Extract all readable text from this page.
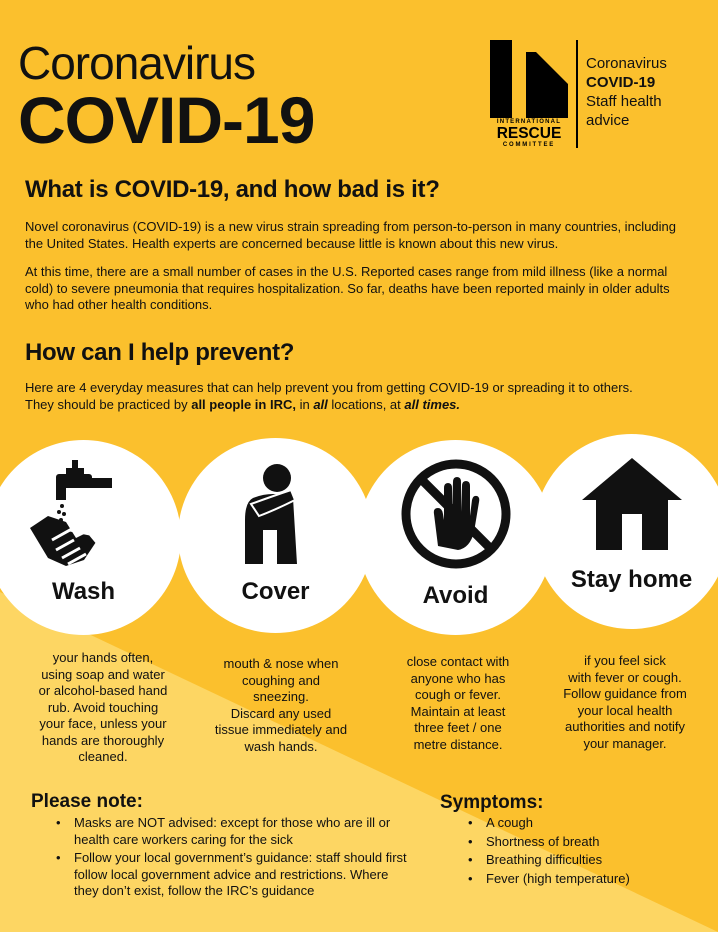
Coronavirus
COVID-19	INTERNATIONAL
RESCUE
COMMITTEE
Coronavirus
COVID-19
Staff health
advice
What is COVID-19, and how bad is it?

Novel coronavirus (COVID-19) is a new virus strain spreading from person-to-person in many countries, including the United States. Health experts are concerned because little is known about this new virus.

At this time, there are a small number of cases in the U.S. Reported cases range from mild illness (like a normal cold) to severe pneumonia that requires hospitalization. So far, deaths have been reported mainly in older adults who had other health conditions.

How can I help prevent?

Here are 4 everyday measures that can help prevent you from getting COVID-19 or spreading it to others.
They should be practiced by all people in IRC, in all locations, at all times.

Wash	Cover	Avoid
Stay home
your hands often,
using soap and water
or alcohol-based hand
rub. Avoid touching
your face, unless your
hands are thoroughly
cleaned.
mouth & nose when
coughing and
sneezing.
Discard any used
tissue immediately and
wash hands.
close contact with
anyone who has
cough or fever.
Maintain at least
three feet / one
metre distance.
if you feel sick
with fever or cough.
Follow guidance from
your local health
authorities and notify
your manager.
Please note:
• Masks are NOT advised: except for those who are ill or health care workers caring for the sick
• Follow your local government’s guidance: staff should first follow local government advice and restrictions. Where they don’t exist, follow the IRC’s guidance
Symptoms:
• A cough
• Shortness of breath
• Breathing difficulties
• Fever (high temperature)
